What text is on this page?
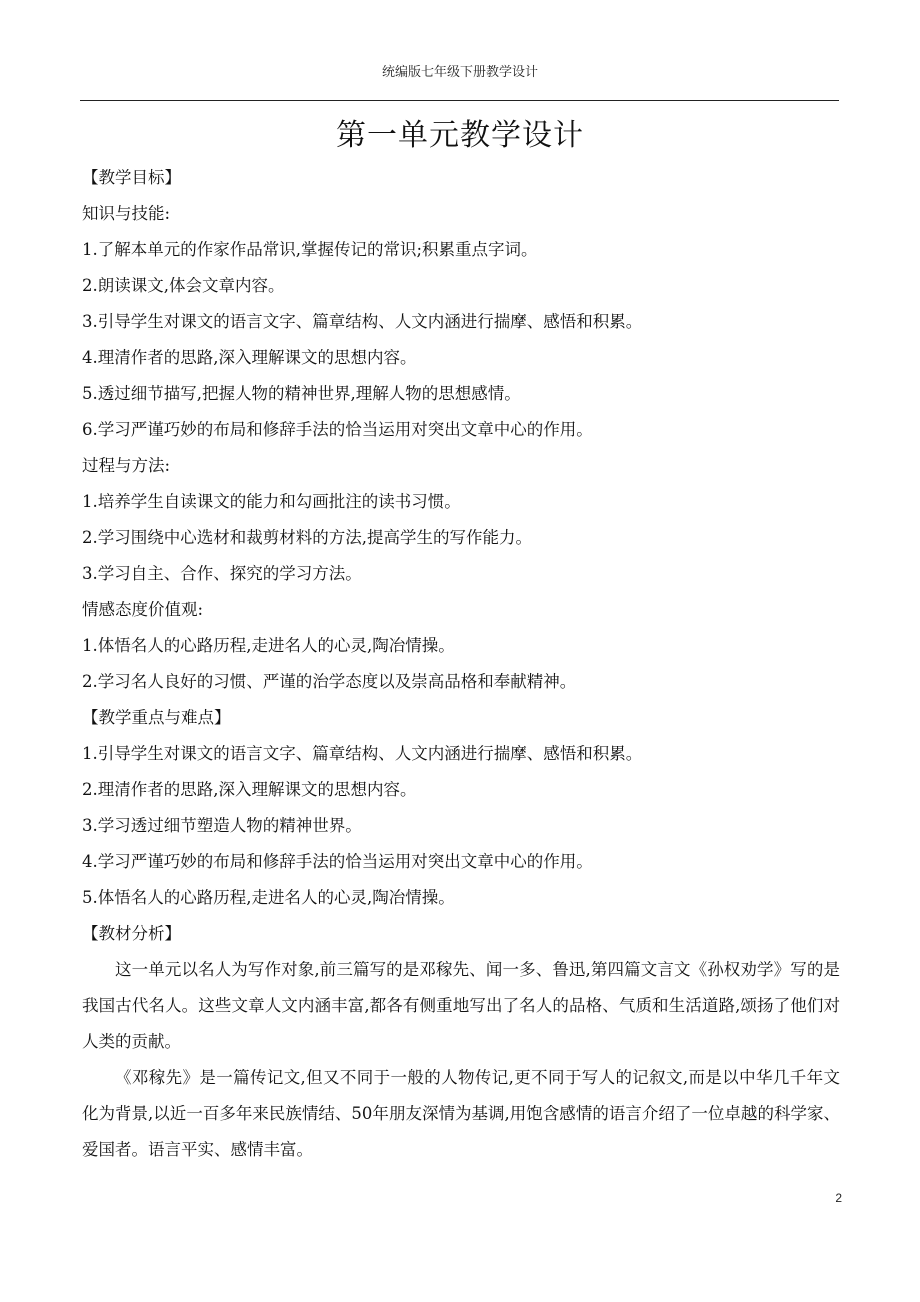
统编版七年级下册教学设计
第一单元教学设计
【教学目标】
知识与技能:
1.了解本单元的作家作品常识,掌握传记的常识;积累重点字词。
2.朗读课文,体会文章内容。
3.引导学生对课文的语言文字、篇章结构、人文内涵进行揣摩、感悟和积累。
4.理清作者的思路,深入理解课文的思想内容。
5.透过细节描写,把握人物的精神世界,理解人物的思想感情。
6.学习严谨巧妙的布局和修辞手法的恰当运用对突出文章中心的作用。
过程与方法:
1.培养学生自读课文的能力和勾画批注的读书习惯。
2.学习围绕中心选材和裁剪材料的方法,提高学生的写作能力。
3.学习自主、合作、探究的学习方法。
情感态度价值观:
1.体悟名人的心路历程,走进名人的心灵,陶冶情操。
2.学习名人良好的习惯、严谨的治学态度以及崇高品格和奉献精神。
【教学重点与难点】
1.引导学生对课文的语言文字、篇章结构、人文内涵进行揣摩、感悟和积累。
2.理清作者的思路,深入理解课文的思想内容。
3.学习透过细节塑造人物的精神世界。
4.学习严谨巧妙的布局和修辞手法的恰当运用对突出文章中心的作用。
5.体悟名人的心路历程,走进名人的心灵,陶冶情操。
【教材分析】

这一单元以名人为写作对象,前三篇写的是邓稼先、闻一多、鲁迅,第四篇文言文《孙权劝学》写的是我国古代名人。这些文章人文内涵丰富,都各有侧重地写出了名人的品格、气质和生活道路,颂扬了他们对人类的贡献。

《邓稼先》是一篇传记文,但又不同于一般的人物传记,更不同于写人的记叙文,而是以中华几千年文化为背景,以近一百多年来民族情结、50年朋友深情为基调,用饱含感情的语言介绍了一位卓越的科学家、爱国者。语言平实、感情丰富。

2
